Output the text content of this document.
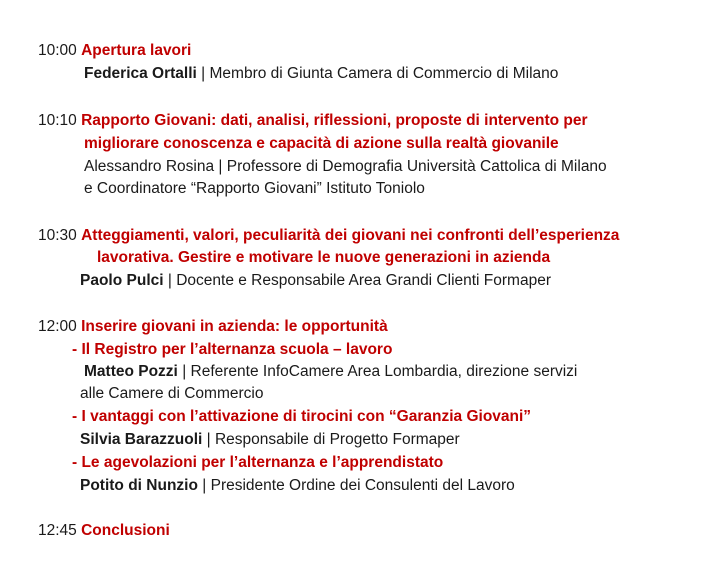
10:00 Apertura lavori
Federica Ortalli | Membro di Giunta Camera di Commercio di Milano
10:10 Rapporto Giovani: dati, analisi, riflessioni, proposte di intervento per
migliorare conoscenza e capacità di azione sulla realtà giovanile
Alessandro Rosina | Professore di Demografia Università Cattolica di Milano
e Coordinatore “Rapporto Giovani” Istituto Toniolo
10:30 Atteggiamenti, valori, peculiarità dei giovani nei confronti dell’esperienza
lavorativa. Gestire e motivare le nuove generazioni in azienda
Paolo Pulci | Docente e Responsabile Area Grandi Clienti Formaper
12:00 Inserire giovani in azienda: le opportunità
- Il Registro per l’alternanza scuola – lavoro
Matteo Pozzi | Referente InfoCamere Area Lombardia, direzione servizi
alle Camere di Commercio
- I vantaggi con l’attivazione di tirocini con “Garanzia Giovani”
Silvia Barazzuoli | Responsabile di Progetto Formaper
- Le agevolazioni per l’alternanza e l’apprendistato
Potito di Nunzio | Presidente Ordine dei Consulenti del Lavoro
12:45 Conclusioni
